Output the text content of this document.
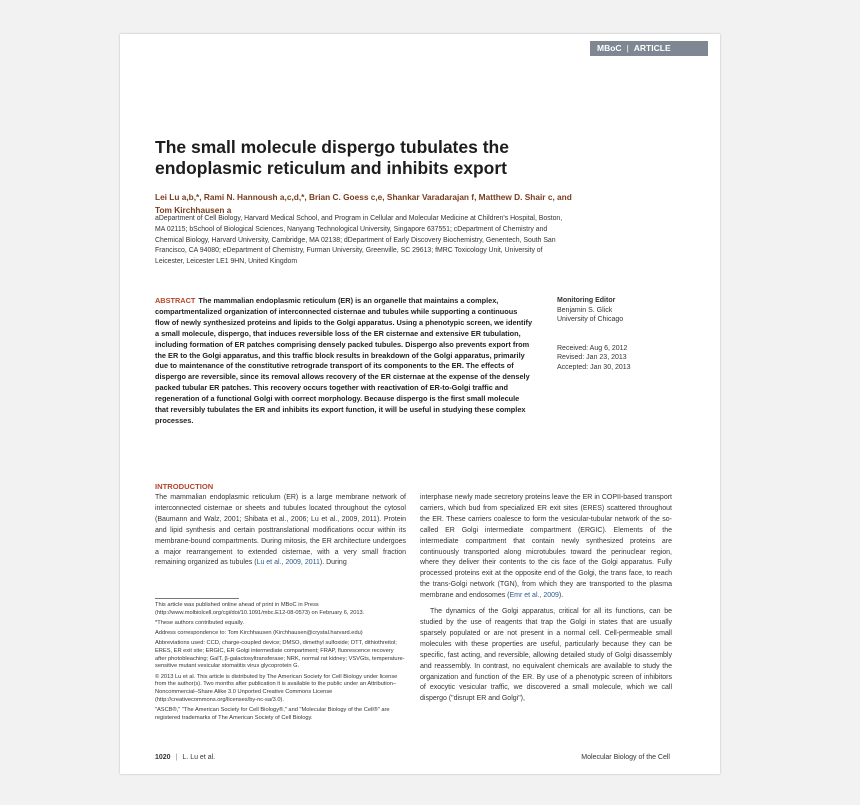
MBoC | ARTICLE
The small molecule dispergo tubulates the endoplasmic reticulum and inhibits export
Lei Lu a,b,*, Rami N. Hannoush a,c,d,*, Brian C. Goess c,e, Shankar Varadarajan f, Matthew D. Shair c, and Tom Kirchhausen a
aDepartment of Cell Biology, Harvard Medical School, and Program in Cellular and Molecular Medicine at Children's Hospital, Boston, MA 02115; bSchool of Biological Sciences, Nanyang Technological University, Singapore 637551; cDepartment of Chemistry and Chemical Biology, Harvard University, Cambridge, MA 02138; dDepartment of Early Discovery Biochemistry, Genentech, South San Francisco, CA 94080; eDepartment of Chemistry, Furman University, Greenville, SC 29613; fMRC Toxicology Unit, University of Leicester, Leicester LE1 9HN, United Kingdom
ABSTRACT The mammalian endoplasmic reticulum (ER) is an organelle that maintains a complex, compartmentalized organization of interconnected cisternae and tubules while supporting a continuous flow of newly synthesized proteins and lipids to the Golgi apparatus. Using a phenotypic screen, we identify a small molecule, dispergo, that induces reversible loss of the ER cisternae and extensive ER tubulation, including formation of ER patches comprising densely packed tubules. Dispergo also prevents export from the ER to the Golgi apparatus, and this traffic block results in breakdown of the Golgi apparatus, primarily due to maintenance of the constitutive retrograde transport of its components to the ER. The effects of dispergo are reversible, since its removal allows recovery of the ER cisternae at the expense of the densely packed tubular ER patches. This recovery occurs together with reactivation of ER-to-Golgi traffic and regeneration of a functional Golgi with correct morphology. Because dispergo is the first small molecule that reversibly tubulates the ER and inhibits its export function, it will be useful in studying these complex processes.
Monitoring Editor
Benjamin S. Glick
University of Chicago
Received: Aug 6, 2012
Revised: Jan 23, 2013
Accepted: Jan 30, 2013
INTRODUCTION
The mammalian endoplasmic reticulum (ER) is a large membrane network of interconnected cisternae or sheets and tubules located throughout the cytosol (Baumann and Walz, 2001; Shibata et al., 2006; Lu et al., 2009, 2011). Protein and lipid synthesis and certain posttranslational modifications occur within its membrane-bound compartments. During mitosis, the ER architecture undergoes a major rearrangement to extended cisternae, with a very small fraction remaining organized as tubules (Lu et al., 2009, 2011). During

This article was published online ahead of print in MBoC in Press (http://www.molbiolcell.org/cgi/doi/10.1091/mbc.E12-08-0573) on February 6, 2013.

*These authors contributed equally.

Address correspondence to: Tom Kirchhausen (Kirchhausen@crystal.harvard.edu)

Abbreviations used: CCD, charge-coupled device; DMSO, dimethyl sulfoxide; DTT, dithiothreitol; ERES, ER exit site; ERGIC, ER Golgi intermediate compartment; FRAP, fluorescence recovery after photobleaching; GalT, β-galactosyltransferase; NRK, normal rat kidney; VSVGts, temperature-sensitive mutant vesicular stomatitis virus glycoprotein G.

© 2013 Lu et al. This article is distributed by The American Society for Cell Biology under license from the author(s). Two months after publication it is available to the public under an Attribution–Noncommercial–Share Alike 3.0 Unported Creative Commons License (http://creativecommons.org/licenses/by-nc-sa/3.0).

"ASCB®," "The American Society for Cell Biology®," and "Molecular Biology of the Cell®" are registered trademarks of The American Society of Cell Biology.

interphase newly made secretory proteins leave the ER in COPII-based transport carriers, which bud from specialized ER exit sites (ERES) scattered throughout the ER. These carriers coalesce to form the vesicular-tubular network of the so-called ER Golgi intermediate compartment (ERGIC). Elements of the intermediate compartment that contain newly synthesized proteins are continuously transported along microtubules toward the perinuclear region, where they deliver their contents to the cis face of the Golgi apparatus. Fully processed proteins exit at the opposite end of the Golgi, the trans face, to reach the trans-Golgi network (TGN), from which they are transported to the plasma membrane and endosomes (Emr et al., 2009).
The dynamics of the Golgi apparatus, critical for all its functions, can be studied by the use of reagents that trap the Golgi in states that are usually sparsely populated or are not present in a normal cell. Cell-permeable small molecules with these properties are useful, particularly because they can be specific, fast acting, and reversible, allowing detailed study of Golgi disassembly and reassembly. In contrast, no equivalent chemicals are available to study the organization and function of the ER. By use of a phenotypic screen of inhibitors of exocytic vesicular traffic, we discovered a small molecule, which we call dispergo ("disrupt ER and Golgi"),
1020 | L. Lu et al.	Molecular Biology of the Cell
